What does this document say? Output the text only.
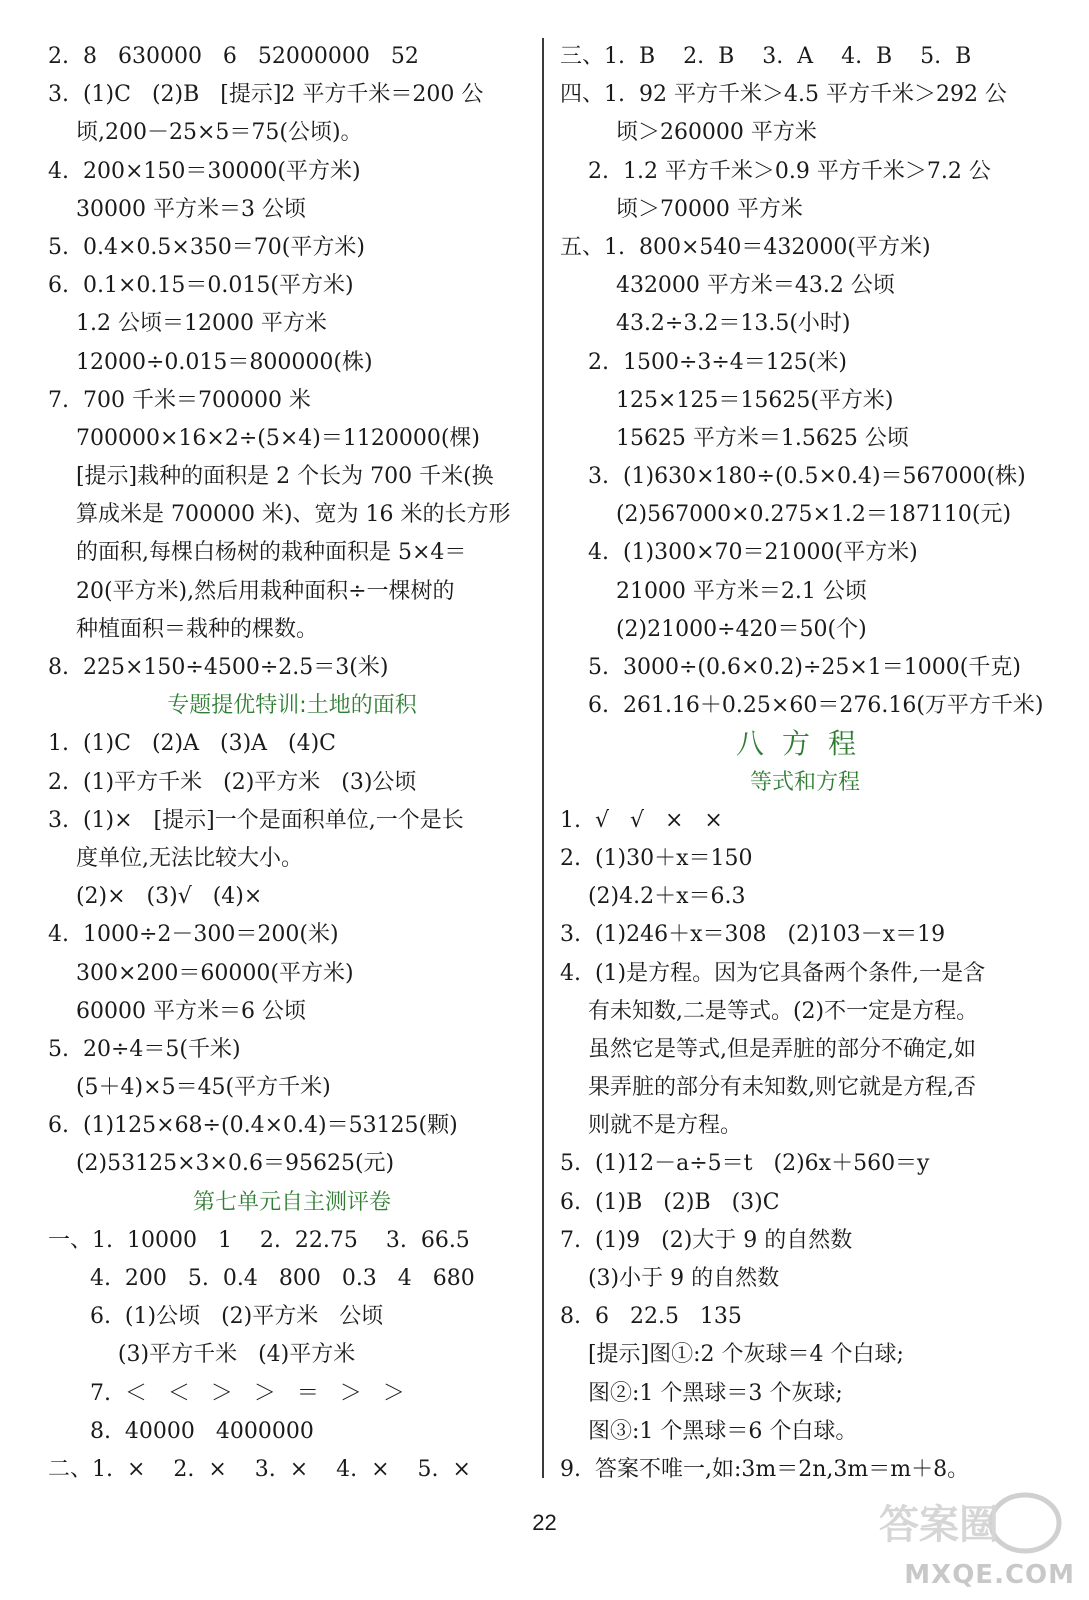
2.  8   630000   6   52000000   52
3.  (1)C   (2)B   [提示]2 平方千米＝200 公
顷,200－25×5＝75(公顷)。
4.  200×150＝30000(平方米)
30000 平方米＝3 公顷
5.  0.4×0.5×350＝70(平方米)
6.  0.1×0.15＝0.015(平方米)
1.2 公顷＝12000 平方米
12000÷0.015＝800000(株)
7.  700 千米＝700000 米
700000×16×2÷(5×4)＝1120000(棵)
[提示]栽种的面积是 2 个长为 700 千米(换
算成米是 700000 米)、宽为 16 米的长方形
的面积,每棵白杨树的栽种面积是 5×4＝
20(平方米),然后用栽种面积÷一棵树的
种植面积＝栽种的棵数。
8.  225×150÷4500÷2.5＝3(米)
专题提优特训:土地的面积
1.  (1)C   (2)A   (3)A   (4)C
2.  (1)平方千米   (2)平方米   (3)公顷
3.  (1)×   [提示]一个是面积单位,一个是长
度单位,无法比较大小。
(2)×   (3)√   (4)×
4.  1000÷2－300＝200(米)
300×200＝60000(平方米)
60000 平方米＝6 公顷
5.  20÷4＝5(千米)
(5＋4)×5＝45(平方千米)
6.  (1)125×68÷(0.4×0.4)＝53125(颗)
(2)53125×3×0.6＝95625(元)
第七单元自主测评卷
一、1.  10000   1    2.  22.75    3.  66.5
4.  200   5.  0.4   800   0.3   4   680
6.  (1)公顷   (2)平方米   公顷
(3)平方千米   (4)平方米
7.  ＜   ＜   ＞   ＞   ＝   ＞   ＞
8.  40000   4000000
二、1.  ×    2.  ×    3.  ×    4.  ×    5.  ×
三、1.  B    2.  B    3.  A    4.  B    5.  B
四、1.  92 平方千米＞4.5 平方千米＞292 公
顷＞260000 平方米
2.  1.2 平方千米＞0.9 平方千米＞7.2 公
顷＞70000 平方米
五、1.  800×540＝432000(平方米)
432000 平方米＝43.2 公顷
43.2÷3.2＝13.5(小时)
2.  1500÷3÷4＝125(米)
125×125＝15625(平方米)
15625 平方米＝1.5625 公顷
3.  (1)630×180÷(0.5×0.4)＝567000(株)
(2)567000×0.275×1.2＝187110(元)
4.  (1)300×70＝21000(平方米)
21000 平方米＝2.1 公顷
(2)21000÷420＝50(个)
5.  3000÷(0.6×0.2)÷25×1＝1000(千克)
6.  261.16＋0.25×60＝276.16(万平方千米)
八方程
等式和方程
1.  √   √   ×   ×
2.  (1)30＋x＝150
(2)4.2＋x＝6.3
3.  (1)246＋x＝308   (2)103－x＝19
4.  (1)是方程。因为它具备两个条件,一是含
有未知数,二是等式。(2)不一定是方程。
虽然它是等式,但是弄脏的部分不确定,如
果弄脏的部分有未知数,则它就是方程,否
则就不是方程。
5.  (1)12－a÷5＝t   (2)6x＋560＝y
6.  (1)B   (2)B   (3)C
7.  (1)9   (2)大于 9 的自然数
(3)小于 9 的自然数
8.  6   22.5   135
[提示]图①:2 个灰球＝4 个白球;
图②:1 个黑球＝3 个灰球;
图③:1 个黑球＝6 个白球。
9.  答案不唯一,如:3m＝2n,3m＝m＋8。
22	答案圈
MXQE.COM
